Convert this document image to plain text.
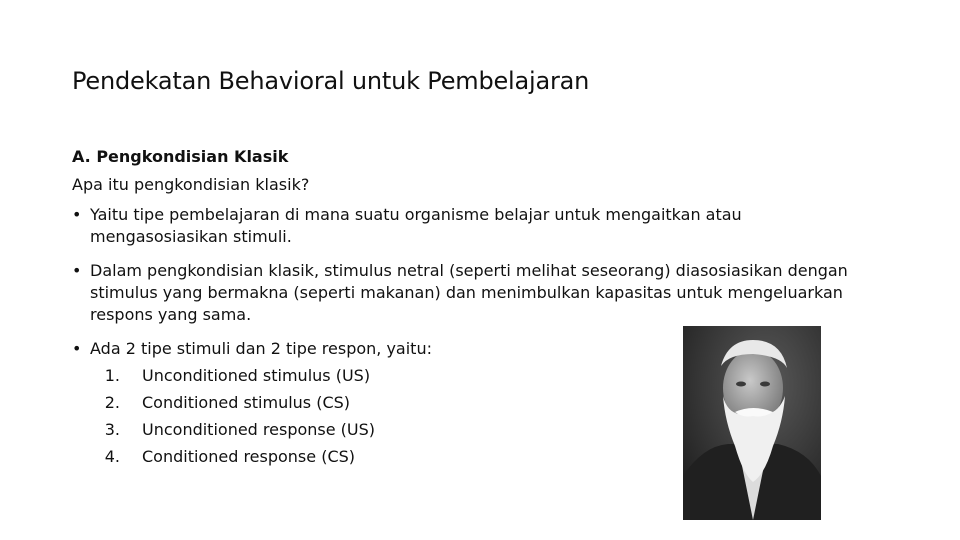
Pendekatan Behavioral untuk Pembelajaran
A. Pengkondisian Klasik
Apa itu pengkondisian klasik?
• Yaitu tipe pembelajaran di mana suatu organisme belajar untuk mengaitkan atau mengasosiasikan stimuli.
• Dalam pengkondisian klasik, stimulus netral (seperti melihat seseorang) diasosiasikan dengan stimulus yang bermakna (seperti makanan) dan menimbulkan kapasitas untuk mengeluarkan respons yang sama.
• Ada 2 tipe stimuli dan 2 tipe respon, yaitu:
1. Unconditioned stimulus (US)
2. Conditioned stimulus (CS)
3. Unconditioned response (US)
4. Conditioned response (CS)
